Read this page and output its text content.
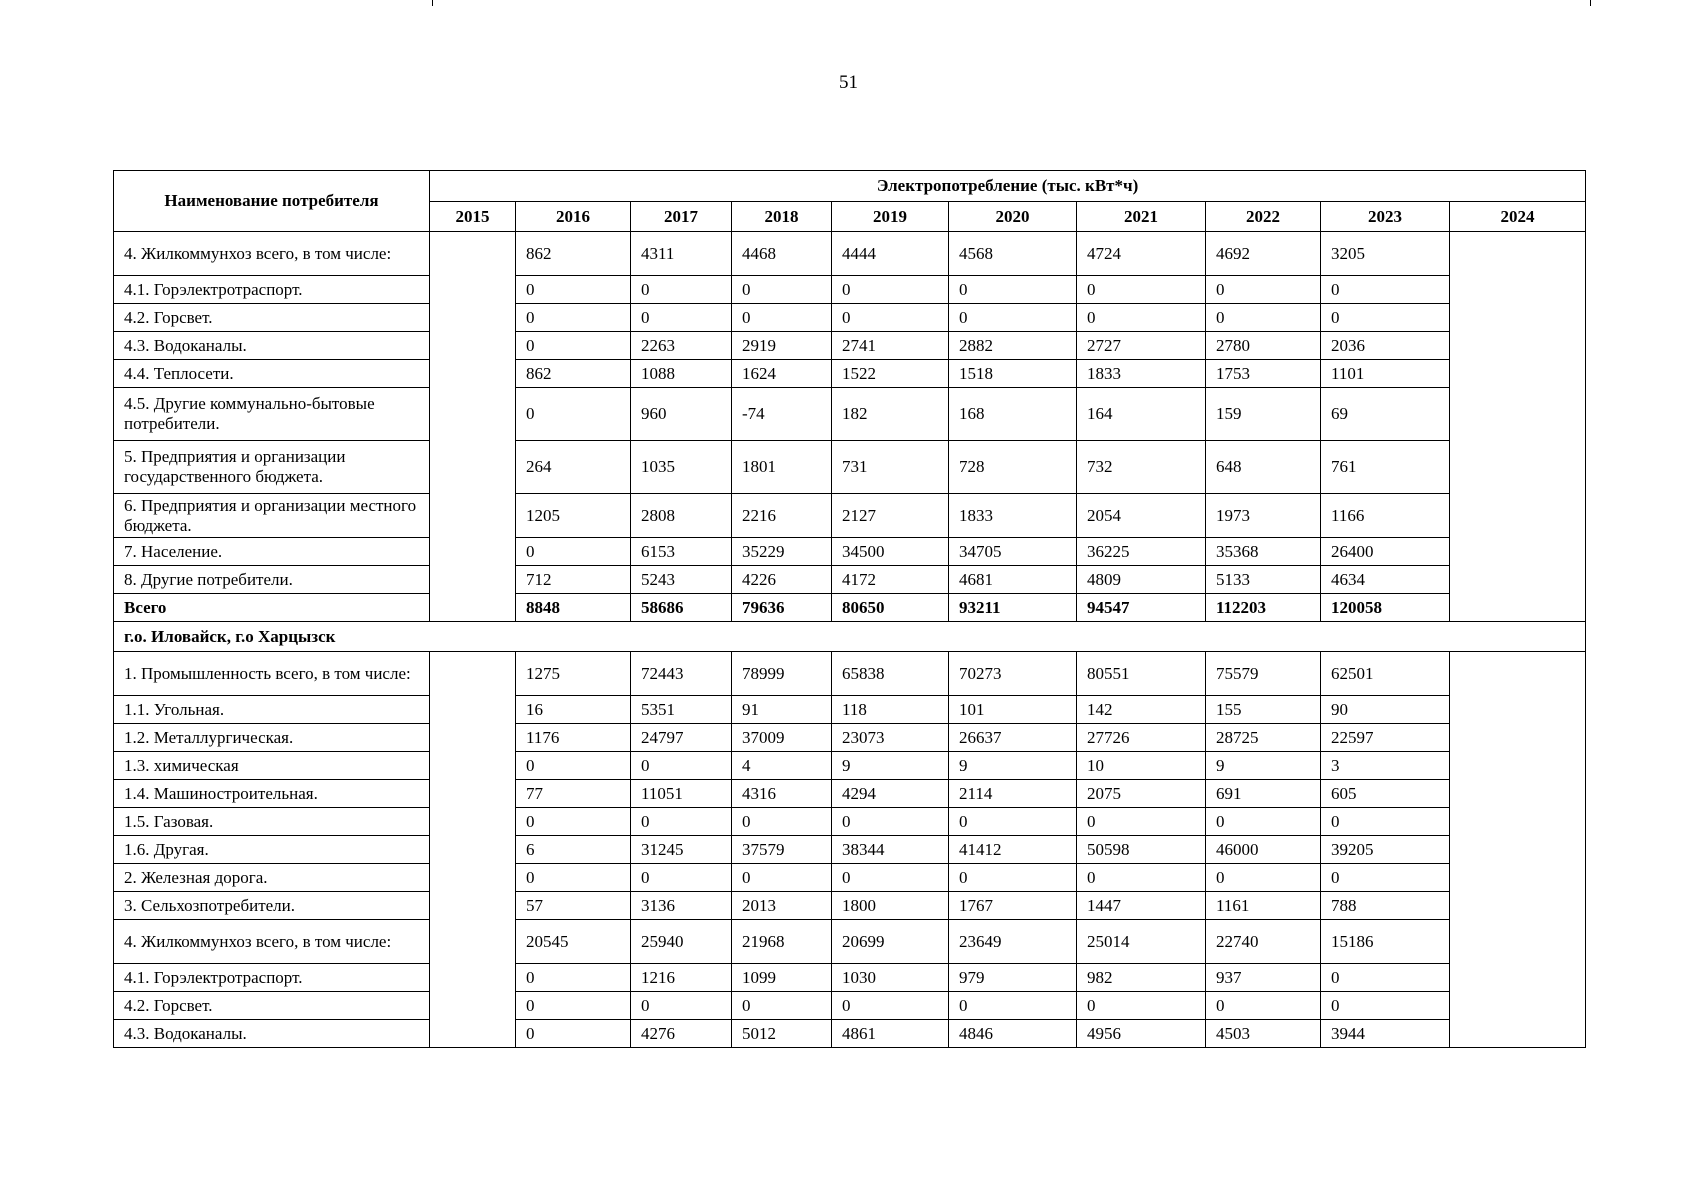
51
Наименование потребителя	Электропотребление (тыс. кВт*ч)									
	2015	2016	2017	2018	2019	2020	2021	2022	2023	2024
4. Жилкоммунхоз всего, в том числе:		862	4311	4468	4444	4568	4724	4692	3205	
4.1. Горэлектротраспорт.		0	0	0	0	0	0	0	0	
4.2. Горсвет.		0	0	0	0	0	0	0	0	
4.3. Водоканалы.		0	2263	2919	2741	2882	2727	2780	2036	
4.4. Теплосети.		862	1088	1624	1522	1518	1833	1753	1101	
4.5. Другие коммунально-бытовые потребители.		0	960	-74	182	168	164	159	69	
5. Предприятия и организации государственного бюджета.		264	1035	1801	731	728	732	648	761	
6. Предприятия и организации местного бюджета.		1205	2808	2216	2127	1833	2054	1973	1166	
7. Население.		0	6153	35229	34500	34705	36225	35368	26400	
8. Другие потребители.		712	5243	4226	4172	4681	4809	5133	4634	
Всего		8848	58686	79636	80650	93211	94547	112203	120058	
г.о. Иловайск, г.о Харцызск										
1. Промышленность всего, в том числе:		1275	72443	78999	65838	70273	80551	75579	62501	
1.1. Угольная.		16	5351	91	118	101	142	155	90	
1.2. Металлургическая.		1176	24797	37009	23073	26637	27726	28725	22597	
1.3. химическая		0	0	4	9	9	10	9	3	
1.4. Машиностроительная.		77	11051	4316	4294	2114	2075	691	605	
1.5. Газовая.		0	0	0	0	0	0	0	0	
1.6. Другая.		6	31245	37579	38344	41412	50598	46000	39205	
2. Железная дорога.		0	0	0	0	0	0	0	0	
3. Сельхозпотребители.		57	3136	2013	1800	1767	1447	1161	788	
4. Жилкоммунхоз всего, в том числе:		20545	25940	21968	20699	23649	25014	22740	15186	
4.1. Горэлектротраспорт.		0	1216	1099	1030	979	982	937	0	
4.2. Горсвет.		0	0	0	0	0	0	0	0	
4.3. Водоканалы.		0	4276	5012	4861	4846	4956	4503	3944	
